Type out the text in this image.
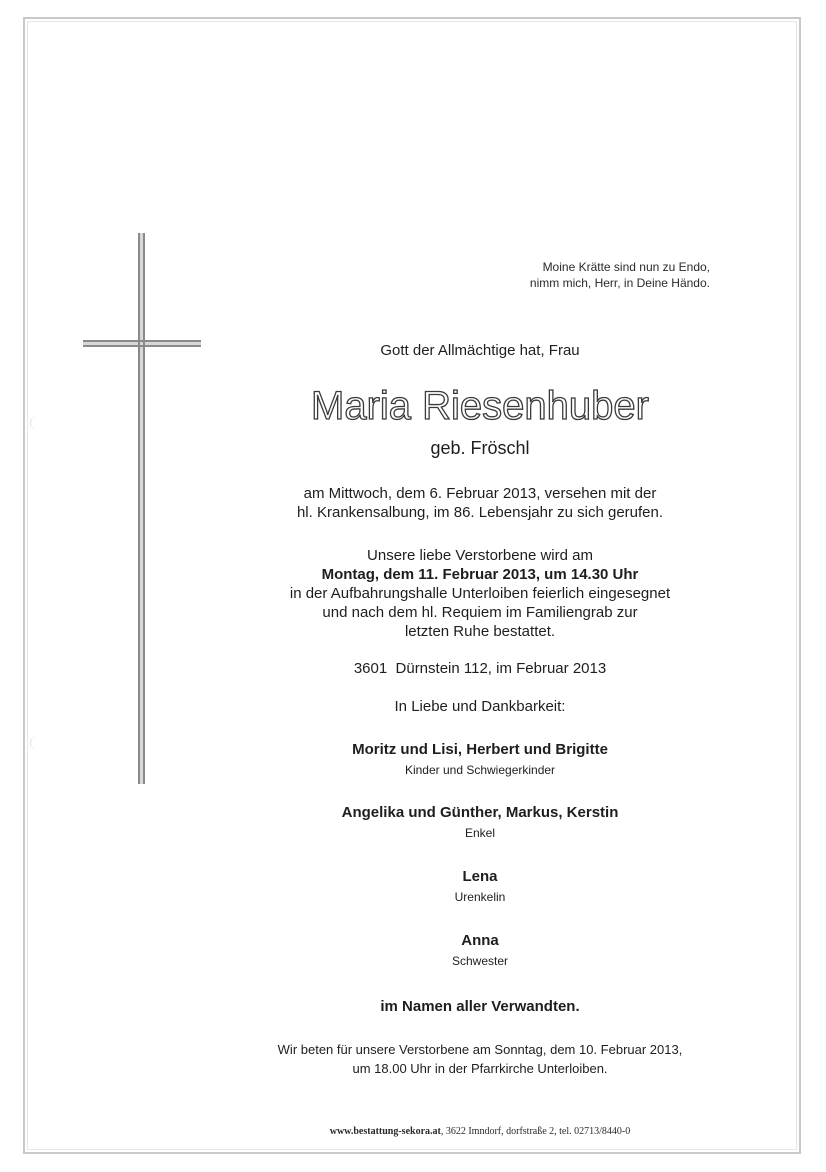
Moine Krätte sind nun zu Endo,
nimm mich, Herr, in Deine Händo.
Gott der Allmächtige hat, Frau
Maria Riesenhuber
geb. Fröschl
am Mittwoch, dem 6. Februar 2013, versehen mit der
hl. Krankensalbung, im 86. Lebensjahr zu sich gerufen.
Unsere liebe Verstorbene wird am
Montag, dem 11. Februar 2013, um 14.30 Uhr
in der Aufbahrungshalle Unterloiben feierlich eingesegnet
und nach dem hl. Requiem im Familiengrab zur
letzten Ruhe bestattet.
3601  Dürnstein 112, im Februar 2013
In Liebe und Dankbarkeit:
Moritz und Lisi, Herbert und Brigitte
Kinder und Schwiegerkinder
Angelika und Günther, Markus, Kerstin
Enkel
Lena
Urenkelin
Anna
Schwester
im Namen aller Verwandten.
Wir beten für unsere Verstorbene am Sonntag, dem 10. Februar 2013,
um 18.00 Uhr in der Pfarrkirche Unterloiben.
www.bestattung-sekora.at, 3622 Imndorf, dorfstraße 2, tel. 02713/8440-0
